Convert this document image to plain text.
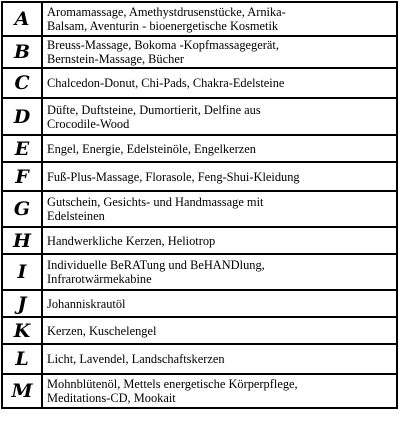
A	Aromamassage, Amethystdrusenstücke, Arnika-
Balsam, Aventurin - bioenergetische Kosmetik
B	Breuss-Massage, Bokoma -Kopfmassagegerät,
Bernstein-Massage, Bücher
C	Chalcedon-Donut, Chi-Pads, Chakra-Edelsteine
D	Düfte, Duftsteine, Dumortierit, Delfine aus
Crocodile-Wood
E	Engel, Energie, Edelsteinöle, Engelkerzen
F	Fuß-Plus-Massage, Florasole, Feng-Shui-Kleidung
G	Gutschein, Gesichts- und Handmassage mit
Edelsteinen
H	Handwerkliche Kerzen, Heliotrop
I	Individuelle BeRATung und BeHANDlung,
Infrarotwärmekabine
J	Johanniskrautöl
K	Kerzen, Kuschelengel
L	Licht, Lavendel, Landschaftskerzen
M	Mohnblütenöl, Mettels energetische Körperpflege,
Meditations-CD, Mookait
